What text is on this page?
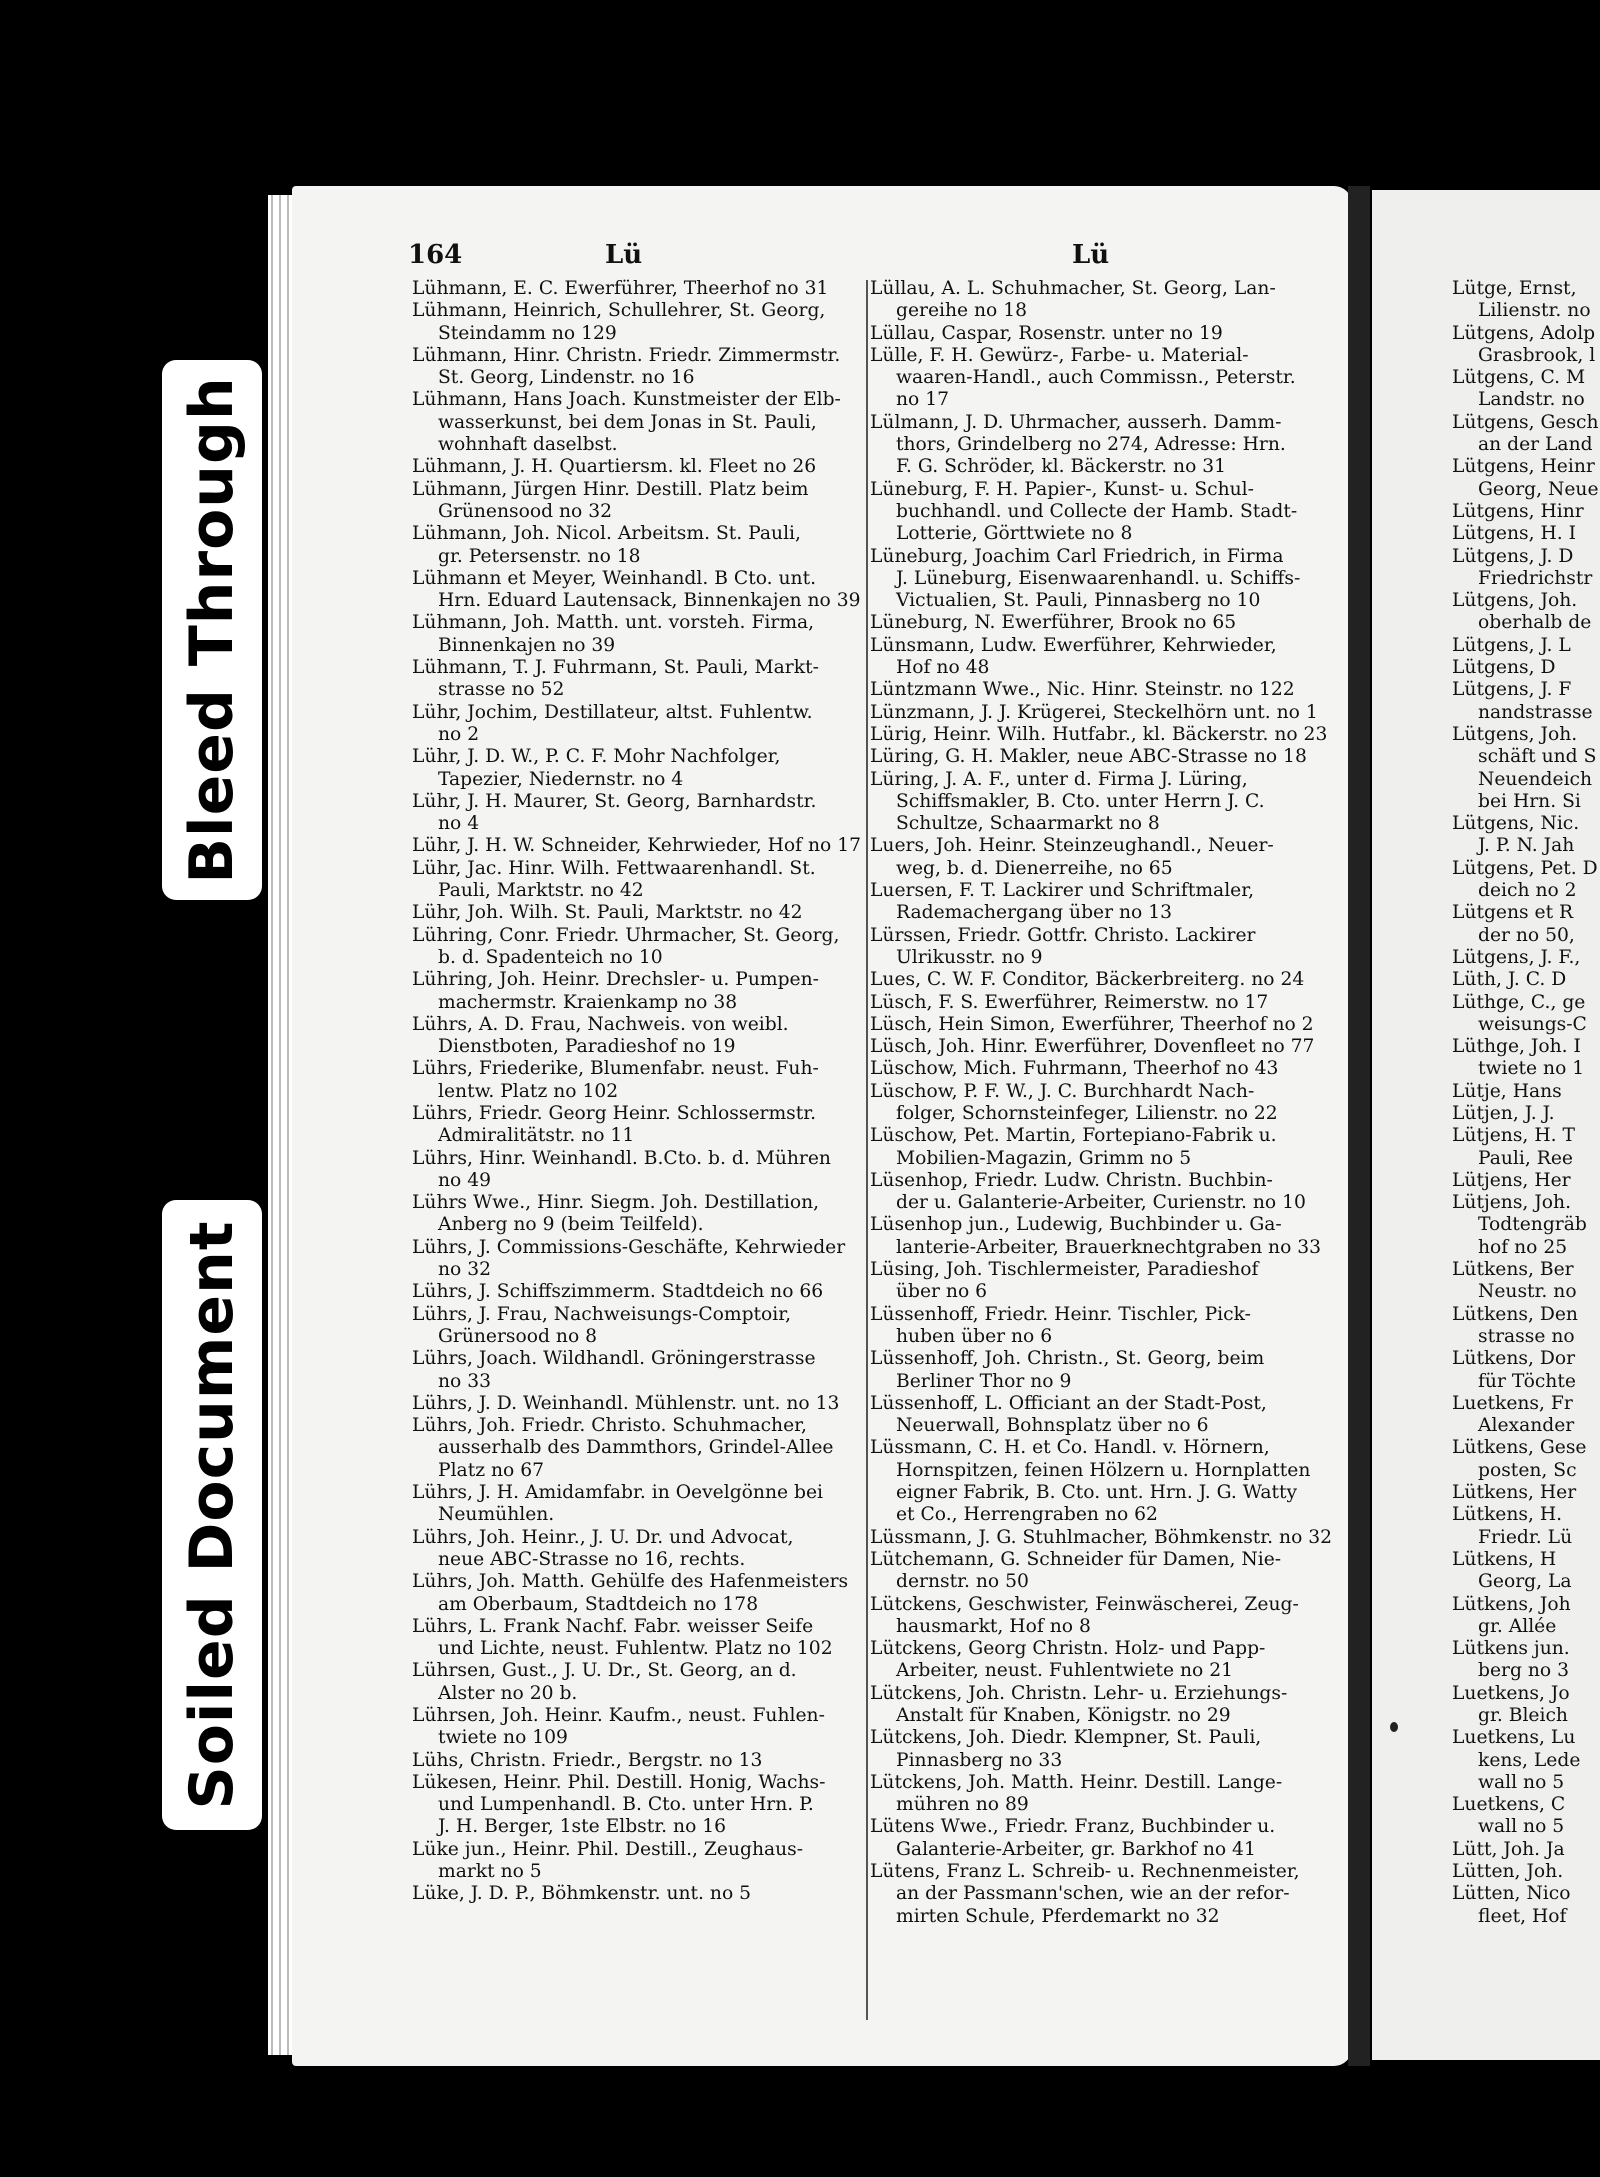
Bleed Through
Soiled Document
164	Lü	Lü
Lühmann, E. C. Ewerführer, Theerhof no 31
Lühmann, Heinrich, Schullehrer, St. Georg,
Steindamm no 129
Lühmann, Hinr. Christn. Friedr. Zimmermstr.
St. Georg, Lindenstr. no 16
Lühmann, Hans Joach. Kunstmeister der Elb-
wasserkunst, bei dem Jonas in St. Pauli,
wohnhaft daselbst.
Lühmann, J. H. Quartiersm. kl. Fleet no 26
Lühmann, Jürgen Hinr. Destill. Platz beim
Grünensood no 32
Lühmann, Joh. Nicol. Arbeitsm. St. Pauli,
gr. Petersenstr. no 18
Lühmann et Meyer, Weinhandl. B Cto. unt.
Hrn. Eduard Lautensack, Binnenkajen no 39
Lühmann, Joh. Matth. unt. vorsteh. Firma,
Binnenkajen no 39
Lühmann, T. J. Fuhrmann, St. Pauli, Markt-
strasse no 52
Lühr, Jochim, Destillateur, altst. Fuhlentw.
no 2
Lühr, J. D. W., P. C. F. Mohr Nachfolger,
Tapezier, Niedernstr. no 4
Lühr, J. H. Maurer, St. Georg, Barnhardstr.
no 4
Lühr, J. H. W. Schneider, Kehrwieder, Hof no 17
Lühr, Jac. Hinr. Wilh. Fettwaarenhandl. St.
Pauli, Marktstr. no 42
Lühr, Joh. Wilh. St. Pauli, Marktstr. no 42
Lühring, Conr. Friedr. Uhrmacher, St. Georg,
b. d. Spadenteich no 10
Lühring, Joh. Heinr. Drechsler- u. Pumpen-
machermstr. Kraienkamp no 38
Lührs, A. D. Frau, Nachweis. von weibl.
Dienstboten, Paradieshof no 19
Lührs, Friederike, Blumenfabr. neust. Fuh-
lentw. Platz no 102
Lührs, Friedr. Georg Heinr. Schlossermstr.
Admiralitätstr. no 11
Lührs, Hinr. Weinhandl. B.Cto. b. d. Mühren
no 49
Lührs Wwe., Hinr. Siegm. Joh. Destillation,
Anberg no 9 (beim Teilfeld).
Lührs, J. Commissions-Geschäfte, Kehrwieder
no 32
Lührs, J. Schiffszimmerm. Stadtdeich no 66
Lührs, J. Frau, Nachweisungs-Comptoir,
Grünersood no 8
Lührs, Joach. Wildhandl. Gröningerstrasse
no 33
Lührs, J. D. Weinhandl. Mühlenstr. unt. no 13
Lührs, Joh. Friedr. Christo. Schuhmacher,
ausserhalb des Dammthors, Grindel-Allee
Platz no 67
Lührs, J. H. Amidamfabr. in Oevelgönne bei
Neumühlen.
Lührs, Joh. Heinr., J. U. Dr. und Advocat,
neue ABC-Strasse no 16, rechts.
Lührs, Joh. Matth. Gehülfe des Hafenmeisters
am Oberbaum, Stadtdeich no 178
Lührs, L. Frank Nachf. Fabr. weisser Seife
und Lichte, neust. Fuhlentw. Platz no 102
Lührsen, Gust., J. U. Dr., St. Georg, an d.
Alster no 20 b.
Lührsen, Joh. Heinr. Kaufm., neust. Fuhlen-
twiete no 109
Lühs, Christn. Friedr., Bergstr. no 13
Lükesen, Heinr. Phil. Destill. Honig, Wachs-
und Lumpenhandl. B. Cto. unter Hrn. P.
J. H. Berger, 1ste Elbstr. no 16
Lüke jun., Heinr. Phil. Destill., Zeughaus-
markt no 5
Lüke, J. D. P., Böhmkenstr. unt. no 5
Lüllau, A. L. Schuhmacher, St. Georg, Lan-
gereihe no 18
Lüllau, Caspar, Rosenstr. unter no 19
Lülle, F. H. Gewürz-, Farbe- u. Material-
waaren-Handl., auch Commissn., Peterstr.
no 17
Lülmann, J. D. Uhrmacher, ausserh. Damm-
thors, Grindelberg no 274, Adresse: Hrn.
F. G. Schröder, kl. Bäckerstr. no 31
Lüneburg, F. H. Papier-, Kunst- u. Schul-
buchhandl. und Collecte der Hamb. Stadt-
Lotterie, Görttwiete no 8
Lüneburg, Joachim Carl Friedrich, in Firma
J. Lüneburg, Eisenwaarenhandl. u. Schiffs-
Victualien, St. Pauli, Pinnasberg no 10
Lüneburg, N. Ewerführer, Brook no 65
Lünsmann, Ludw. Ewerführer, Kehrwieder,
Hof no 48
Lüntzmann Wwe., Nic. Hinr. Steinstr. no 122
Lünzmann, J. J. Krügerei, Steckelhörn unt. no 1
Lürig, Heinr. Wilh. Hutfabr., kl. Bäckerstr. no 23
Lüring, G. H. Makler, neue ABC-Strasse no 18
Lüring, J. A. F., unter d. Firma J. Lüring,
Schiffsmakler, B. Cto. unter Herrn J. C.
Schultze, Schaarmarkt no 8
Luers, Joh. Heinr. Steinzeughandl., Neuer-
weg, b. d. Dienerreihe, no 65
Luersen, F. T. Lackirer und Schriftmaler,
Rademachergang über no 13
Lürssen, Friedr. Gottfr. Christo. Lackirer
Ulrikusstr. no 9
Lues, C. W. F. Conditor, Bäckerbreiterg. no 24
Lüsch, F. S. Ewerführer, Reimerstw. no 17
Lüsch, Hein Simon, Ewerführer, Theerhof no 2
Lüsch, Joh. Hinr. Ewerführer, Dovenfleet no 77
Lüschow, Mich. Fuhrmann, Theerhof no 43
Lüschow, P. F. W., J. C. Burchhardt Nach-
folger, Schornsteinfeger, Lilienstr. no 22
Lüschow, Pet. Martin, Fortepiano-Fabrik u.
Mobilien-Magazin, Grimm no 5
Lüsenhop, Friedr. Ludw. Christn. Buchbin-
der u. Galanterie-Arbeiter, Curienstr. no 10
Lüsenhop jun., Ludewig, Buchbinder u. Ga-
lanterie-Arbeiter, Brauerknechtgraben no 33
Lüsing, Joh. Tischlermeister, Paradieshof
über no 6
Lüssenhoff, Friedr. Heinr. Tischler, Pick-
huben über no 6
Lüssenhoff, Joh. Christn., St. Georg, beim
Berliner Thor no 9
Lüssenhoff, L. Officiant an der Stadt-Post,
Neuerwall, Bohnsplatz über no 6
Lüssmann, C. H. et Co. Handl. v. Hörnern,
Hornspitzen, feinen Hölzern u. Hornplatten
eigner Fabrik, B. Cto. unt. Hrn. J. G. Watty
et Co., Herrengraben no 62
Lüssmann, J. G. Stuhlmacher, Böhmkenstr. no 32
Lütchemann, G. Schneider für Damen, Nie-
dernstr. no 50
Lütckens, Geschwister, Feinwäscherei, Zeug-
hausmarkt, Hof no 8
Lütckens, Georg Christn. Holz- und Papp-
Arbeiter, neust. Fuhlentwiete no 21
Lütckens, Joh. Christn. Lehr- u. Erziehungs-
Anstalt für Knaben, Königstr. no 29
Lütckens, Joh. Diedr. Klempner, St. Pauli,
Pinnasberg no 33
Lütckens, Joh. Matth. Heinr. Destill. Lange-
mühren no 89
Lütens Wwe., Friedr. Franz, Buchbinder u.
Galanterie-Arbeiter, gr. Barkhof no 41
Lütens, Franz L. Schreib- u. Rechnenmeister,
an der Passmann'schen, wie an der refor-
mirten Schule, Pferdemarkt no 32
Lütge, Ernst,
Lilienstr. no
Lütgens, Adolp
Grasbrook, l
Lütgens, C. M
Landstr. no
Lütgens, Gesch
an der Land
Lütgens, Heinr
Georg, Neue
Lütgens, Hinr
Lütgens, H. I
Lütgens, J. D
Friedrichstr
Lütgens, Joh.
oberhalb de
Lütgens, J. L
Lütgens, D
Lütgens, J. F
nandstrasse
Lütgens, Joh.
schäft und S
Neuendeich
bei Hrn. Si
Lütgens, Nic.
J. P. N. Jah
Lütgens, Pet. D
deich no 2
Lütgens et R
der no 50,
Lütgens, J. F.,
Lüth, J. C. D
Lüthge, C., ge
weisungs-C
Lüthge, Joh. I
twiete no 1
Lütje, Hans
Lütjen, J. J.
Lütjens, H. T
Pauli, Ree
Lütjens, Her
Lütjens, Joh.
Todtengräb
hof no 25
Lütkens, Ber
Neustr. no
Lütkens, Den
strasse no
Lütkens, Dor
für Töchte
Luetkens, Fr
Alexander
Lütkens, Gese
posten, Sc
Lütkens, Her
Lütkens, H.
Friedr. Lü
Lütkens, H
Georg, La
Lütkens, Joh
gr. Allée
Lütkens jun.
berg no 3
Luetkens, Jo
gr. Bleich
Luetkens, Lu
kens, Lede
wall no 5
Luetkens, C
wall no 5
Lütt, Joh. Ja
Lütten, Joh.
Lütten, Nico
fleet, Hof
